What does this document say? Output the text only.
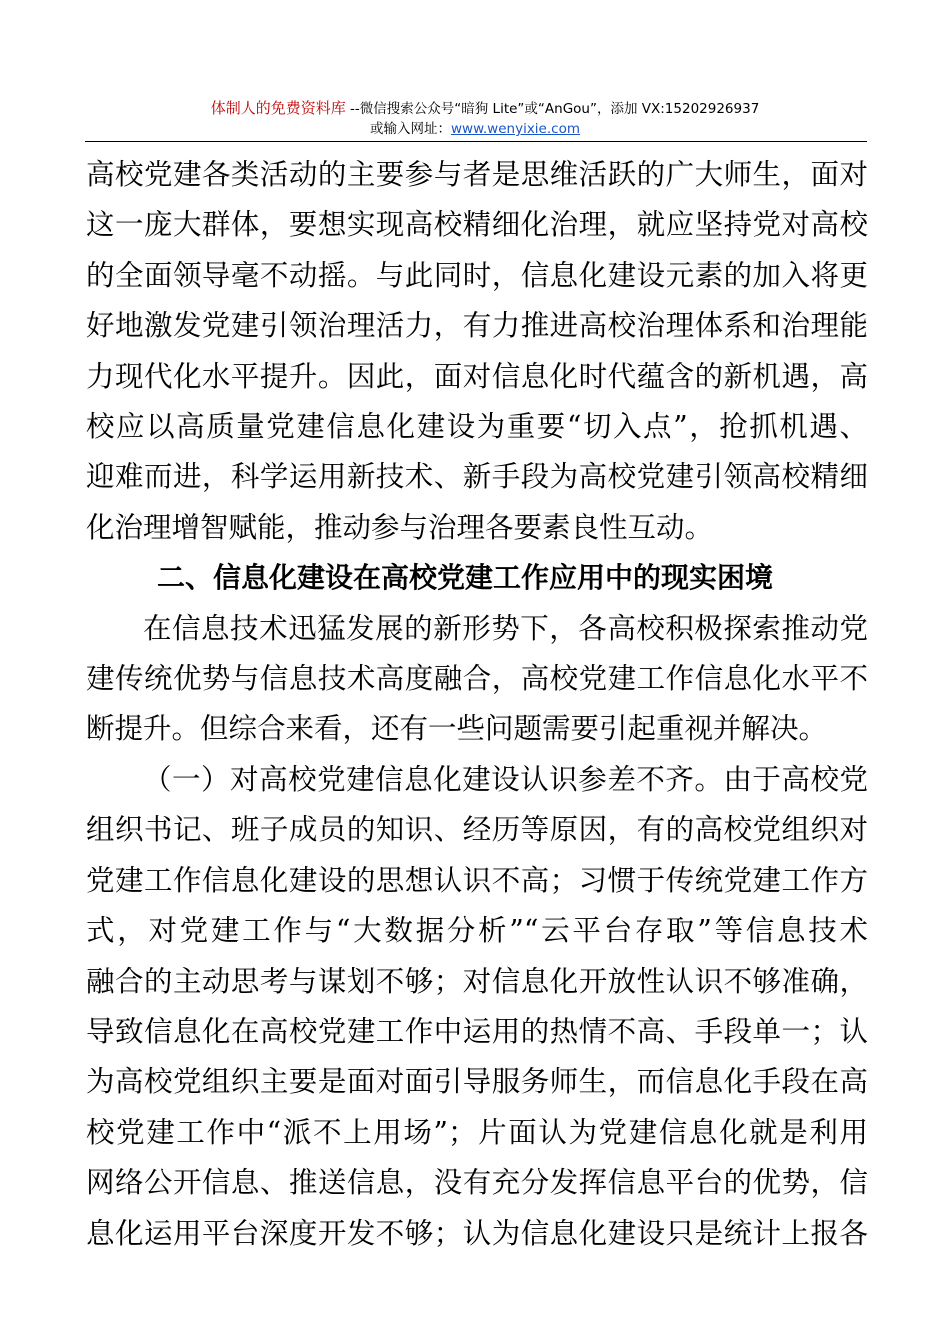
体制人的免费资料库 --微信搜索公众号“暗狗 Lite”或“AnGou”，添加 VX:15202926937
或输入网址：www.wenyixie.com

高校党建各类活动的主要参与者是思维活跃的广大师生，面对
这一庞大群体，要想实现高校精细化治理，就应坚持党对高校
的全面领导毫不动摇。与此同时，信息化建设元素的加入将更
好地激发党建引领治理活力，有力推进高校治理体系和治理能
力现代化水平提升。因此，面对信息化时代蕴含的新机遇，高
校应以高质量党建信息化建设为重要“切入点”，抢抓机遇、
迎难而进，科学运用新技术、新手段为高校党建引领高校精细
化治理增智赋能，推动参与治理各要素良性互动。

二、信息化建设在高校党建工作应用中的现实困境

在信息技术迅猛发展的新形势下，各高校积极探索推动党
建传统优势与信息技术高度融合，高校党建工作信息化水平不
断提升。但综合来看，还有一些问题需要引起重视并解决。

（一）对高校党建信息化建设认识参差不齐。由于高校党
组织书记、班子成员的知识、经历等原因，有的高校党组织对
党建工作信息化建设的思想认识不高；习惯于传统党建工作方
式，对党建工作与“大数据分析”“云平台存取”等信息技术
融合的主动思考与谋划不够；对信息化开放性认识不够准确，
导致信息化在高校党建工作中运用的热情不高、手段单一；认
为高校党组织主要是面对面引导服务师生，而信息化手段在高
校党建工作中“派不上用场”；片面认为党建信息化就是利用
网络公开信息、推送信息，没有充分发挥信息平台的优势，信
息化运用平台深度开发不够；认为信息化建设只是统计上报各
